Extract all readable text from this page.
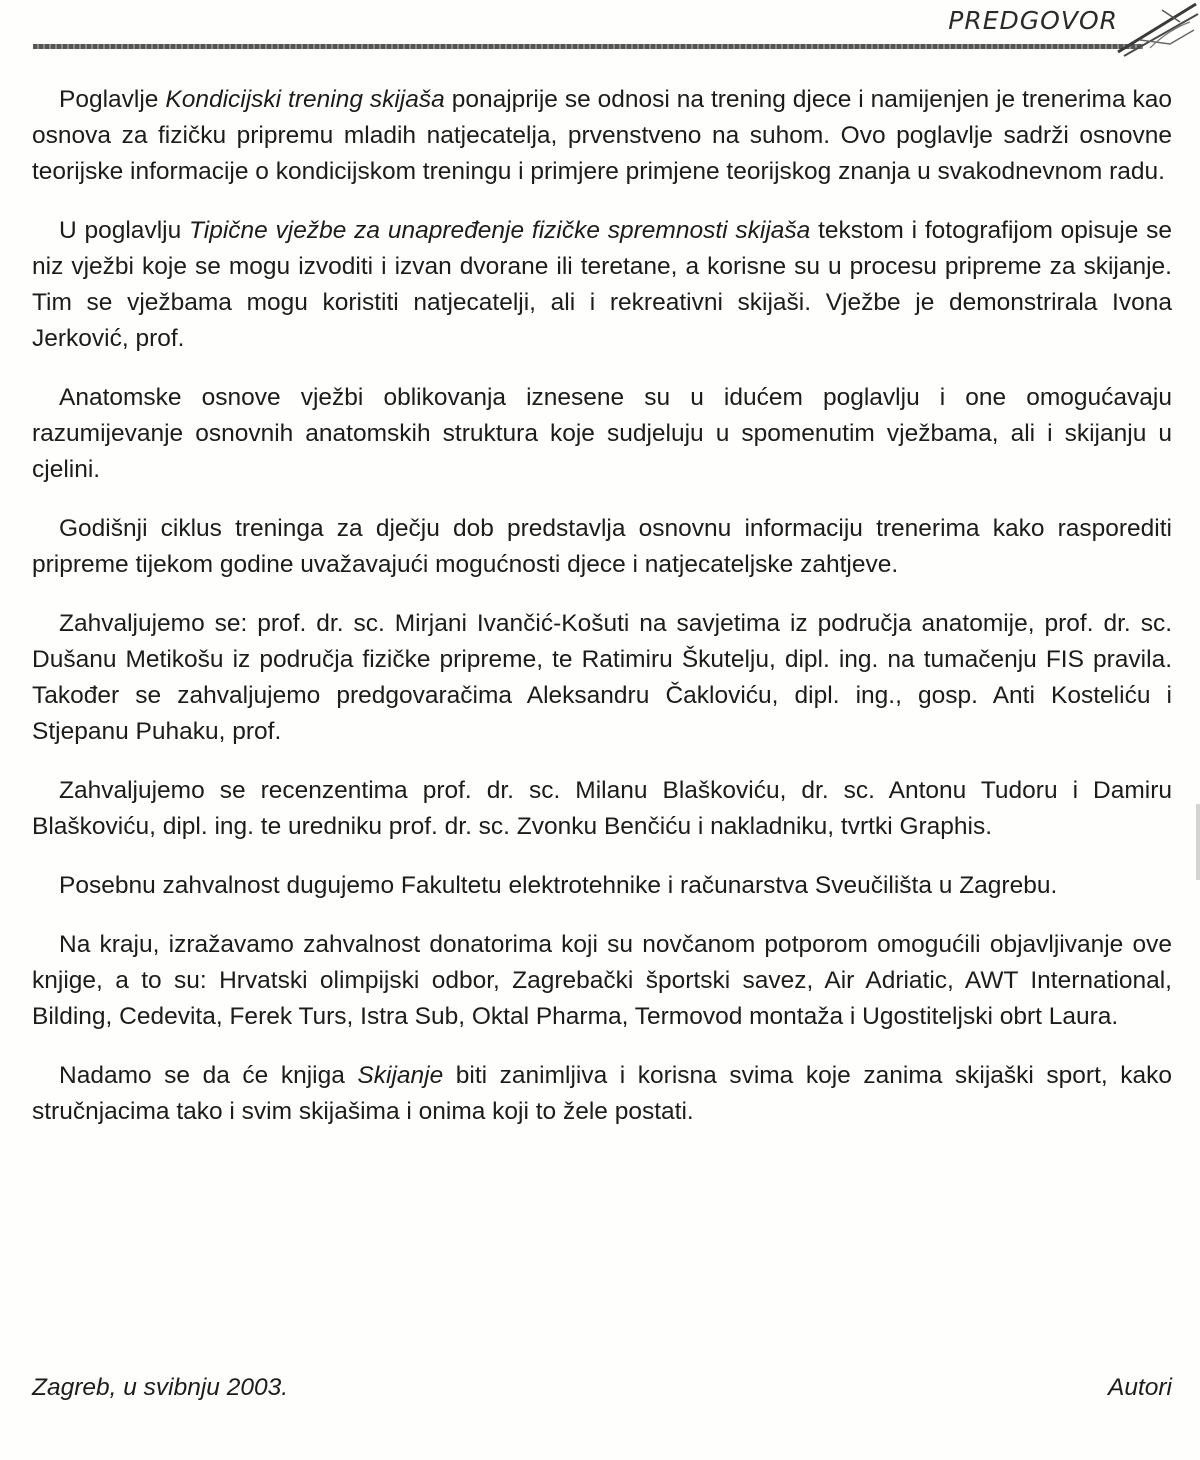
PREDGOVOR

Poglavlje Kondicijski trening skijaša ponajprije se odnosi na trening djece i namijenjen je trenerima kao osnova za fizičku pripremu mladih natjecatelja, prvenstveno na suhom. Ovo poglavlje sadrži osnovne teorijske informacije o kondicijskom treningu i primjere primjene teorijskog znanja u svakodnevnom radu.

U poglavlju Tipične vježbe za unapređenje fizičke spremnosti skijaša tekstom i fotografijom opisuje se niz vježbi koje se mogu izvoditi i izvan dvorane ili teretane, a korisne su u procesu pripreme za skijanje. Tim se vježbama mogu koristiti natjecatelji, ali i rekreativni skijaši. Vježbe je demonstrirala Ivona Jerković, prof.

Anatomske osnove vježbi oblikovanja iznesene su u idućem poglavlju i one omogućavaju razumijevanje osnovnih anatomskih struktura koje sudjeluju u spomenutim vježbama, ali i skijanju u cjelini.

Godišnji ciklus treninga za dječju dob predstavlja osnovnu informaciju trenerima kako rasporediti pripreme tijekom godine uvažavajući mogućnosti djece i natjecateljske zahtjeve.

Zahvaljujemo se: prof. dr. sc. Mirjani Ivančić-Košuti na savjetima iz područja anatomije, prof. dr. sc. Dušanu Metikošu iz područja fizičke pripreme, te Ratimiru Škutelju, dipl. ing. na tumačenju FIS pravila. Također se zahvaljujemo predgovaračima Aleksandru Čakloviću, dipl. ing., gosp. Anti Kosteliću i Stjepanu Puhaku, prof.

Zahvaljujemo se recenzentima prof. dr. sc. Milanu Blaškoviću, dr. sc. Antonu Tudoru i Damiru Blaškoviću, dipl. ing. te uredniku prof. dr. sc. Zvonku Benčiću i nakladniku, tvrtki Graphis.

Posebnu zahvalnost dugujemo Fakultetu elektrotehnike i računarstva Sveučilišta u Zagrebu.

Na kraju, izražavamo zahvalnost donatorima koji su novčanom potporom omogućili objavljivanje ove knjige, a to su: Hrvatski olimpijski odbor, Zagrebački športski savez, Air Adriatic, AWT International, Bilding, Cedevita, Ferek Turs, Istra Sub, Oktal Pharma, Termovod montaža i Ugostiteljski obrt Laura.

Nadamo se da će knjiga Skijanje biti zanimljiva i korisna svima koje zanima skijaški sport, kako stručnjacima tako i svim skijašima i onima koji to žele postati.

Zagreb, u svibnju 2003.	Autori
